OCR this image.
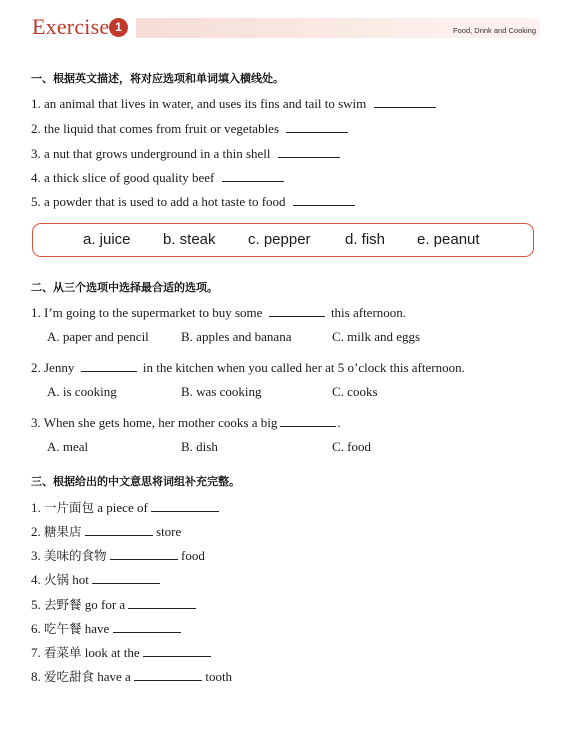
Exercise 1	Food, Drink and Cooking
一、根据英文描述，将对应选项和单词填入横线处。
1. an animal that lives in water, and uses its fins and tail to swim
2. the liquid that comes from fruit or vegetables
3. a nut that grows underground in a thin shell
4. a thick slice of good quality beef
5. a powder that is used to add a hot taste to food
a. juice b. steak c. pepper d. fish e. peanut
二、从三个选项中选择最合适的选项。
1. I’m going to the supermarket to buy some	this afternoon.
A. paper and pencil B. apples and banana	C. milk and eggs
2. Jenny	in the kitchen when you called her at 5 o’clock this afternoon.
A. is cooking	B. was cooking	C. cooks
3. When she gets home, her mother cooks a big	.
A. meal	B. dish	C. food
三、根据给出的中文意思将词组补充完整。
1. 一片面包 a piece of
2. 糖果店	store
3. 美味的食物	food
4. 火锅 hot
5. 去野餐 go for a
6. 吃午餐 have
7. 看菜单 look at the
8. 爱吃甜食 have a	tooth
